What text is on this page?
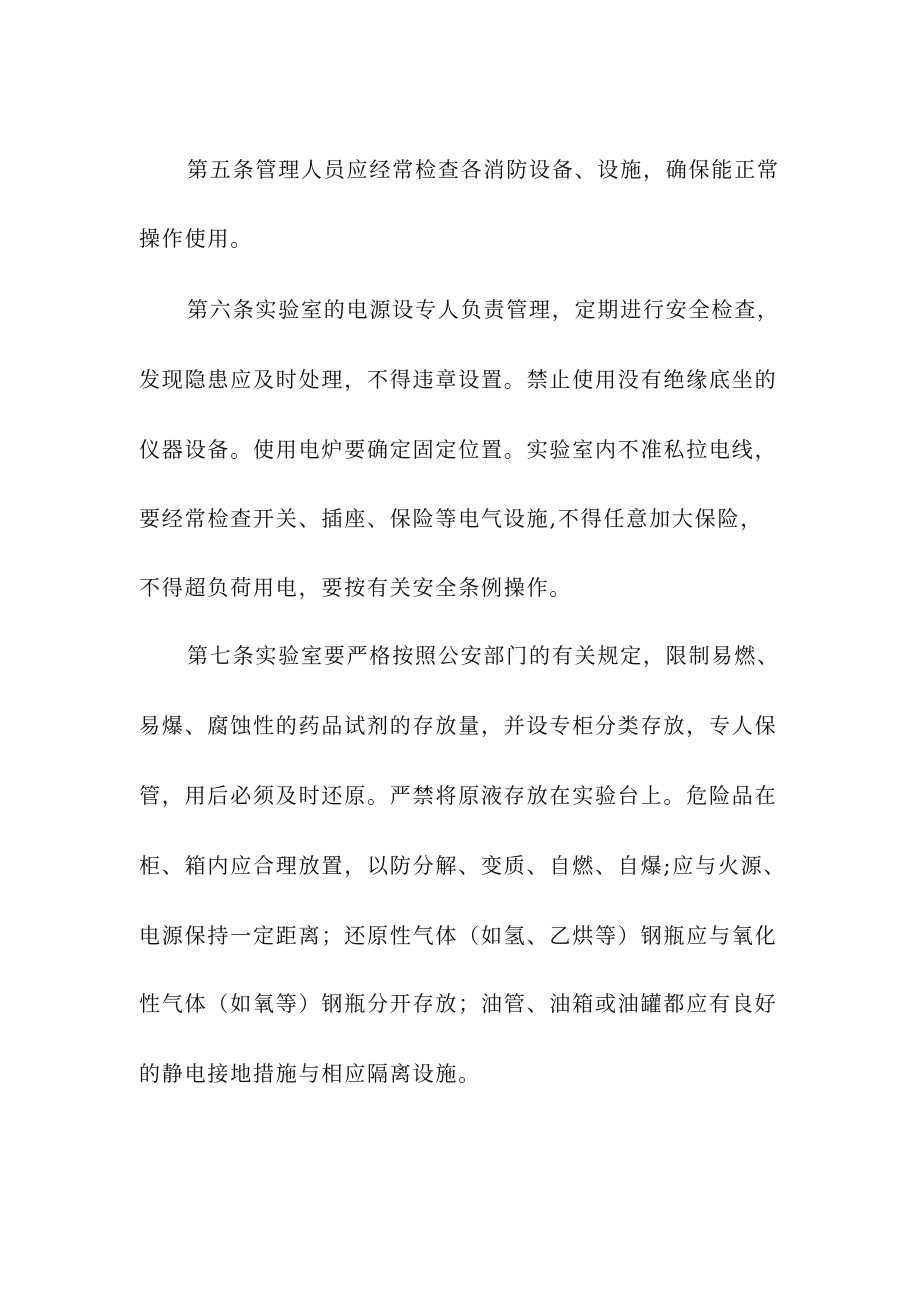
第五条管理人员应经常检查各消防设备、设施，确保能正常
操作使用。
第六条实验室的电源设专人负责管理，定期进行安全检查，
发现隐患应及时处理，不得违章设置。禁止使用没有绝缘底坐的
仪器设备。使用电炉要确定固定位置。实验室内不准私拉电线，
要经常检查开关、插座、保险等电气设施,不得任意加大保险，
不得超负荷用电，要按有关安全条例操作。
第七条实验室要严格按照公安部门的有关规定，限制易燃、
易爆、腐蚀性的药品试剂的存放量，并设专柜分类存放，专人保
管，用后必须及时还原。严禁将原液存放在实验台上。危险品在
柜、箱内应合理放置，以防分解、变质、自燃、自爆;应与火源、
电源保持一定距离；还原性气体（如氢、乙烘等）钢瓶应与氧化
性气体（如氧等）钢瓶分开存放；油管、油箱或油罐都应有良好
的静电接地措施与相应隔离设施。
